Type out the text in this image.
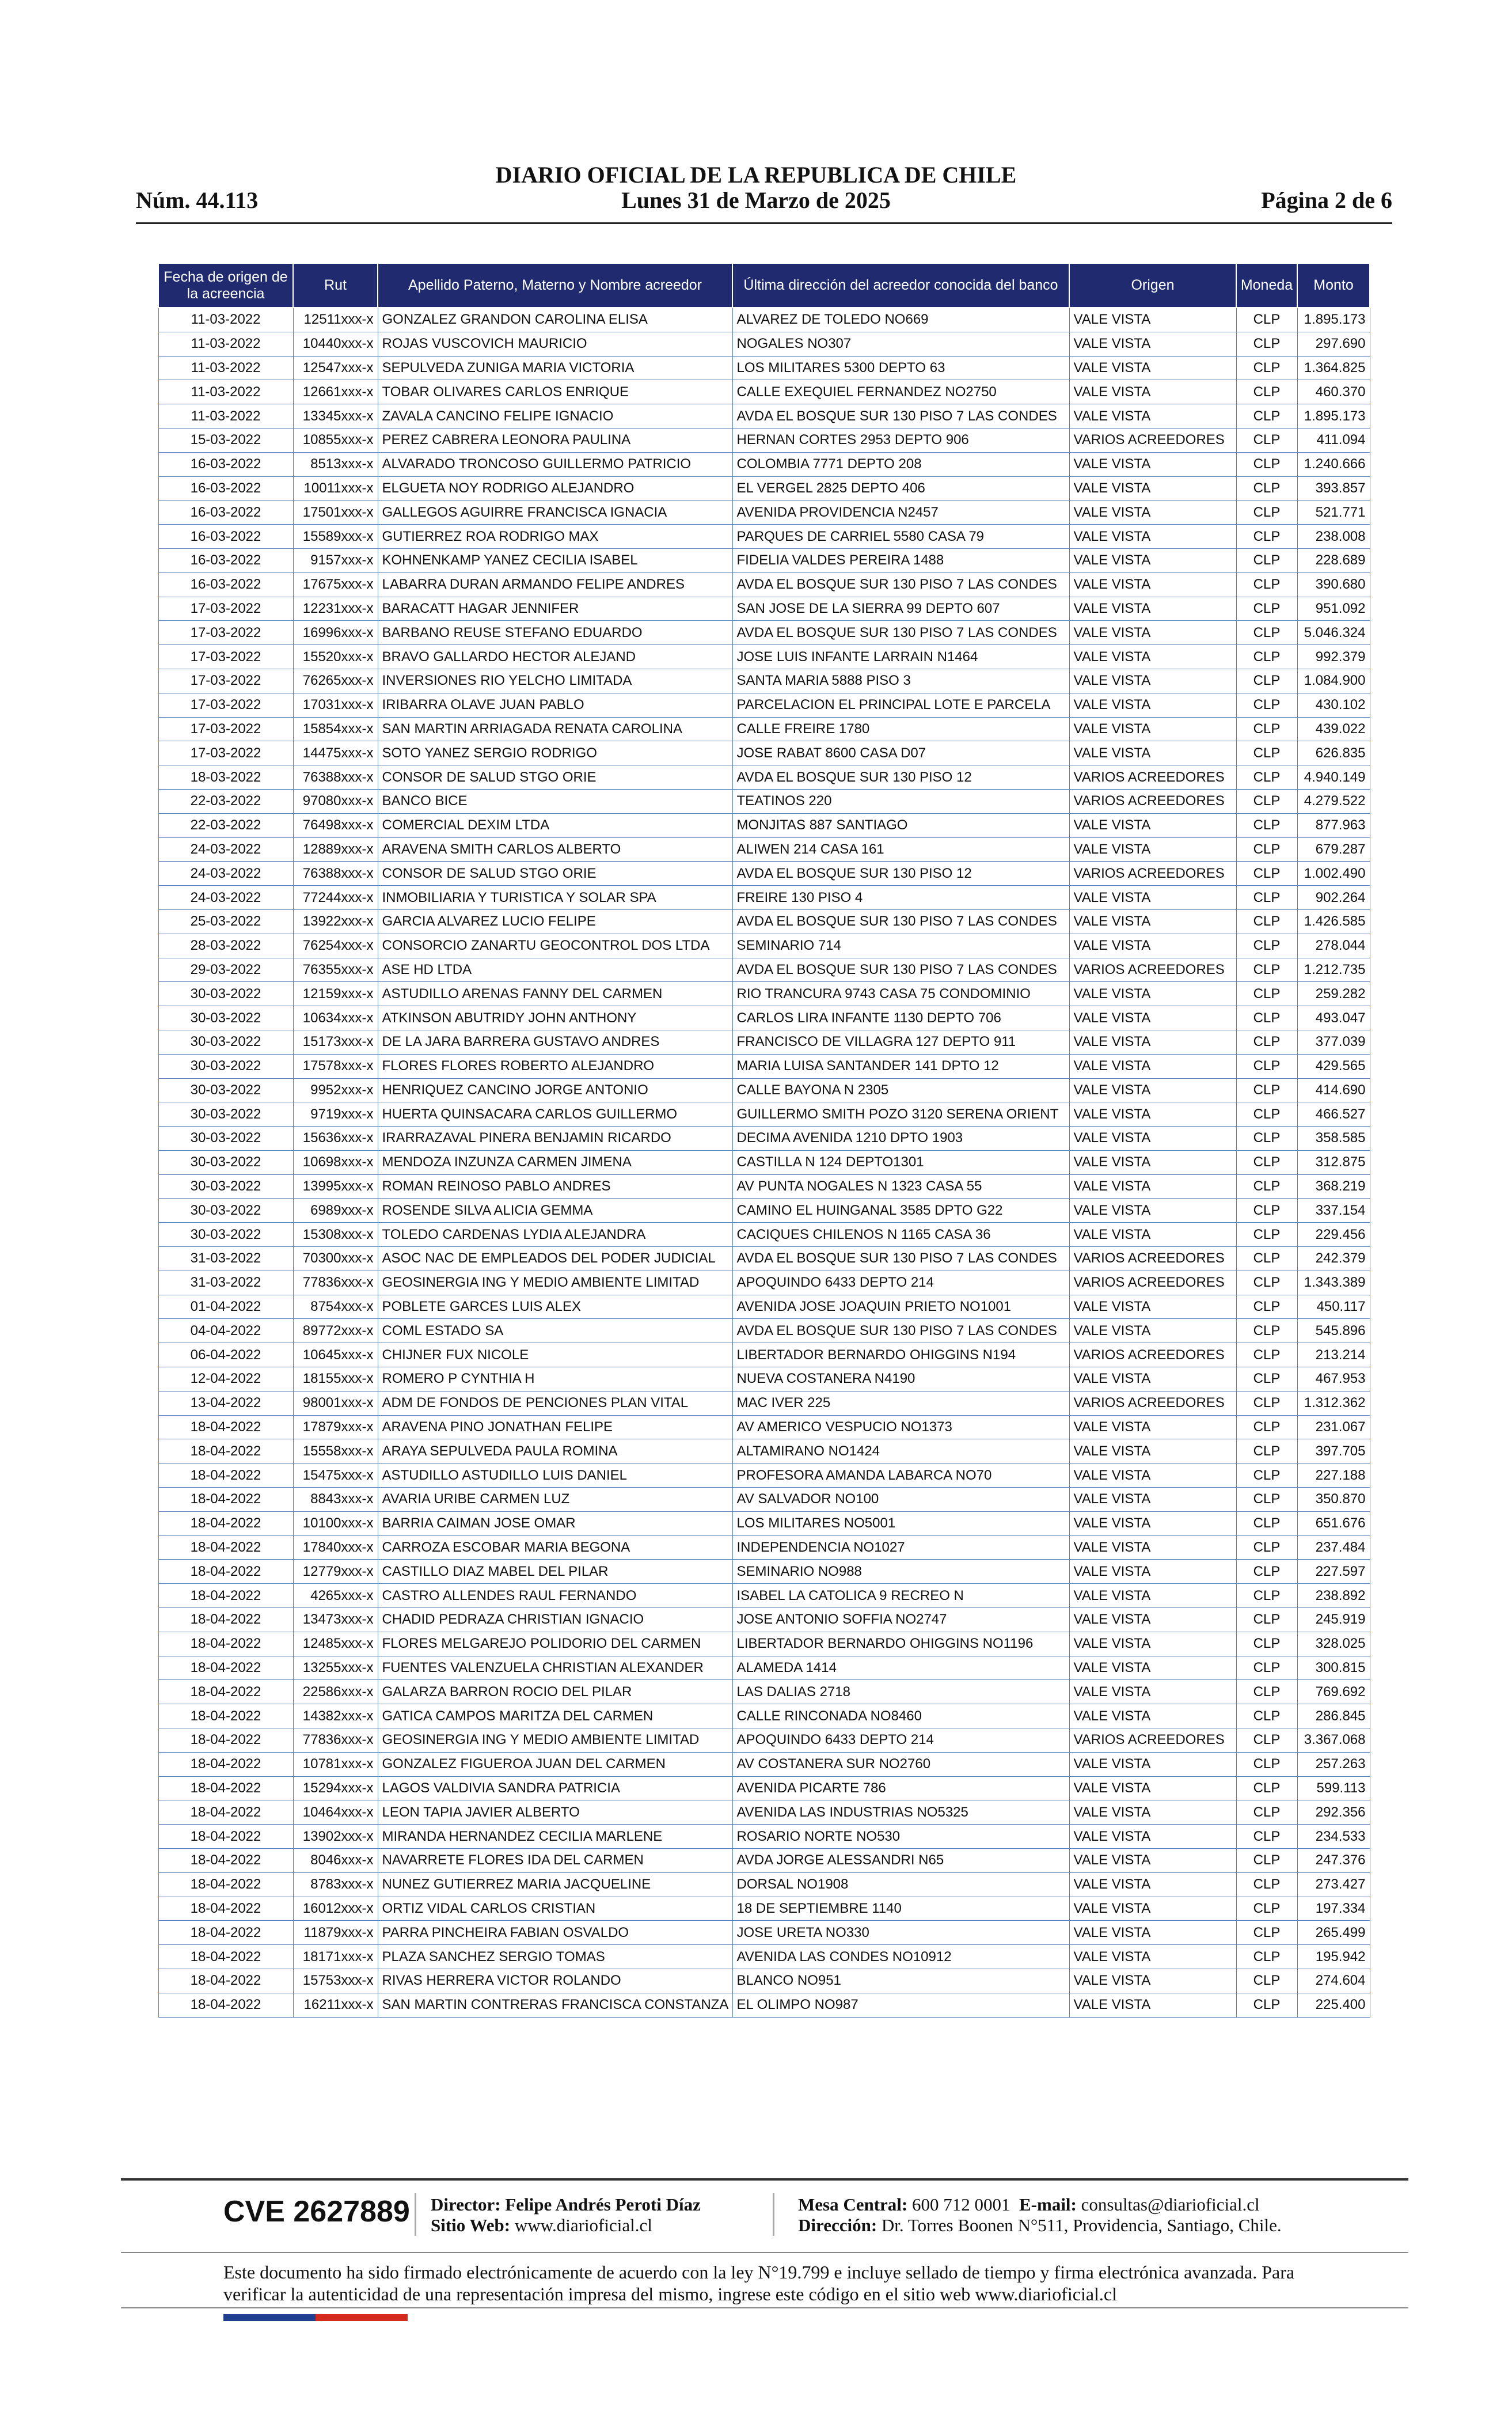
DIARIO OFICIAL DE LA REPUBLICA DE CHILE
Núm. 44.113	Lunes 31 de Marzo de 2025	Página 2 de 6
Fecha de origen de la acreencia	Rut	Apellido Paterno, Materno y Nombre acreedor	Última dirección del acreedor conocida del banco	Origen	Moneda	Monto
11-03-2022	12511xxx-x	GONZALEZ GRANDON CAROLINA ELISA	ALVAREZ DE TOLEDO NO669	VALE VISTA	CLP	1.895.173
11-03-2022	10440xxx-x	ROJAS VUSCOVICH MAURICIO	NOGALES NO307	VALE VISTA	CLP	297.690
11-03-2022	12547xxx-x	SEPULVEDA ZUNIGA MARIA VICTORIA	LOS MILITARES 5300 DEPTO 63	VALE VISTA	CLP	1.364.825
11-03-2022	12661xxx-x	TOBAR OLIVARES CARLOS ENRIQUE	CALLE EXEQUIEL FERNANDEZ NO2750	VALE VISTA	CLP	460.370
11-03-2022	13345xxx-x	ZAVALA CANCINO FELIPE IGNACIO	AVDA EL BOSQUE SUR 130 PISO 7 LAS CONDES	VALE VISTA	CLP	1.895.173
15-03-2022	10855xxx-x	PEREZ CABRERA LEONORA PAULINA	HERNAN CORTES 2953 DEPTO 906	VARIOS ACREEDORES	CLP	411.094
16-03-2022	8513xxx-x	ALVARADO TRONCOSO GUILLERMO PATRICIO	COLOMBIA 7771 DEPTO 208	VALE VISTA	CLP	1.240.666
16-03-2022	10011xxx-x	ELGUETA NOY RODRIGO ALEJANDRO	EL VERGEL 2825 DEPTO 406	VALE VISTA	CLP	393.857
16-03-2022	17501xxx-x	GALLEGOS AGUIRRE FRANCISCA IGNACIA	AVENIDA PROVIDENCIA N2457	VALE VISTA	CLP	521.771
16-03-2022	15589xxx-x	GUTIERREZ ROA RODRIGO MAX	PARQUES DE CARRIEL 5580 CASA 79	VALE VISTA	CLP	238.008
16-03-2022	9157xxx-x	KOHNENKAMP YANEZ CECILIA ISABEL	FIDELIA VALDES PEREIRA 1488	VALE VISTA	CLP	228.689
16-03-2022	17675xxx-x	LABARRA DURAN ARMANDO FELIPE ANDRES	AVDA EL BOSQUE SUR 130 PISO 7 LAS CONDES	VALE VISTA	CLP	390.680
17-03-2022	12231xxx-x	BARACATT HAGAR JENNIFER	SAN JOSE DE LA SIERRA 99 DEPTO 607	VALE VISTA	CLP	951.092
17-03-2022	16996xxx-x	BARBANO REUSE STEFANO EDUARDO	AVDA EL BOSQUE SUR 130 PISO 7 LAS CONDES	VALE VISTA	CLP	5.046.324
17-03-2022	15520xxx-x	BRAVO GALLARDO HECTOR ALEJAND	JOSE LUIS INFANTE LARRAIN N1464	VALE VISTA	CLP	992.379
17-03-2022	76265xxx-x	INVERSIONES RIO YELCHO LIMITADA	SANTA MARIA 5888 PISO 3	VALE VISTA	CLP	1.084.900
17-03-2022	17031xxx-x	IRIBARRA OLAVE JUAN PABLO	PARCELACION EL PRINCIPAL LOTE E PARCELA	VALE VISTA	CLP	430.102
17-03-2022	15854xxx-x	SAN MARTIN ARRIAGADA RENATA CAROLINA	CALLE FREIRE 1780	VALE VISTA	CLP	439.022
17-03-2022	14475xxx-x	SOTO YANEZ SERGIO RODRIGO	JOSE RABAT 8600 CASA D07	VALE VISTA	CLP	626.835
18-03-2022	76388xxx-x	CONSOR DE SALUD STGO ORIE	AVDA EL BOSQUE SUR 130 PISO 12	VARIOS ACREEDORES	CLP	4.940.149
22-03-2022	97080xxx-x	BANCO BICE	TEATINOS 220	VARIOS ACREEDORES	CLP	4.279.522
22-03-2022	76498xxx-x	COMERCIAL DEXIM LTDA	MONJITAS 887 SANTIAGO	VALE VISTA	CLP	877.963
24-03-2022	12889xxx-x	ARAVENA SMITH CARLOS ALBERTO	ALIWEN 214 CASA 161	VALE VISTA	CLP	679.287
24-03-2022	76388xxx-x	CONSOR DE SALUD STGO ORIE	AVDA EL BOSQUE SUR 130 PISO 12	VARIOS ACREEDORES	CLP	1.002.490
24-03-2022	77244xxx-x	INMOBILIARIA Y TURISTICA Y SOLAR SPA	FREIRE 130 PISO 4	VALE VISTA	CLP	902.264
25-03-2022	13922xxx-x	GARCIA ALVAREZ LUCIO FELIPE	AVDA EL BOSQUE SUR 130 PISO 7 LAS CONDES	VALE VISTA	CLP	1.426.585
28-03-2022	76254xxx-x	CONSORCIO ZANARTU GEOCONTROL DOS LTDA	SEMINARIO 714	VALE VISTA	CLP	278.044
29-03-2022	76355xxx-x	ASE HD LTDA	AVDA EL BOSQUE SUR 130 PISO 7 LAS CONDES	VARIOS ACREEDORES	CLP	1.212.735
30-03-2022	12159xxx-x	ASTUDILLO ARENAS FANNY DEL CARMEN	RIO TRANCURA 9743 CASA 75 CONDOMINIO	VALE VISTA	CLP	259.282
30-03-2022	10634xxx-x	ATKINSON ABUTRIDY JOHN ANTHONY	CARLOS LIRA INFANTE 1130 DEPTO 706	VALE VISTA	CLP	493.047
30-03-2022	15173xxx-x	DE LA JARA BARRERA GUSTAVO ANDRES	FRANCISCO DE VILLAGRA 127 DEPTO 911	VALE VISTA	CLP	377.039
30-03-2022	17578xxx-x	FLORES FLORES ROBERTO ALEJANDRO	MARIA LUISA SANTANDER 141 DPTO 12	VALE VISTA	CLP	429.565
30-03-2022	9952xxx-x	HENRIQUEZ CANCINO JORGE ANTONIO	CALLE BAYONA N 2305	VALE VISTA	CLP	414.690
30-03-2022	9719xxx-x	HUERTA QUINSACARA CARLOS GUILLERMO	GUILLERMO SMITH POZO 3120 SERENA ORIENT	VALE VISTA	CLP	466.527
30-03-2022	15636xxx-x	IRARRAZAVAL PINERA BENJAMIN RICARDO	DECIMA AVENIDA 1210 DPTO 1903	VALE VISTA	CLP	358.585
30-03-2022	10698xxx-x	MENDOZA INZUNZA CARMEN JIMENA	CASTILLA N 124 DEPTO1301	VALE VISTA	CLP	312.875
30-03-2022	13995xxx-x	ROMAN REINOSO PABLO ANDRES	AV PUNTA NOGALES N 1323 CASA 55	VALE VISTA	CLP	368.219
30-03-2022	6989xxx-x	ROSENDE SILVA ALICIA GEMMA	CAMINO EL HUINGANAL 3585 DPTO G22	VALE VISTA	CLP	337.154
30-03-2022	15308xxx-x	TOLEDO CARDENAS LYDIA ALEJANDRA	CACIQUES CHILENOS N 1165 CASA 36	VALE VISTA	CLP	229.456
31-03-2022	70300xxx-x	ASOC NAC DE EMPLEADOS DEL PODER JUDICIAL	AVDA EL BOSQUE SUR 130 PISO 7 LAS CONDES	VARIOS ACREEDORES	CLP	242.379
31-03-2022	77836xxx-x	GEOSINERGIA ING Y MEDIO AMBIENTE LIMITAD	APOQUINDO 6433 DEPTO 214	VARIOS ACREEDORES	CLP	1.343.389
01-04-2022	8754xxx-x	POBLETE GARCES LUIS ALEX	AVENIDA JOSE JOAQUIN PRIETO NO1001	VALE VISTA	CLP	450.117
04-04-2022	89772xxx-x	COML ESTADO SA	AVDA EL BOSQUE SUR 130 PISO 7 LAS CONDES	VALE VISTA	CLP	545.896
06-04-2022	10645xxx-x	CHIJNER FUX NICOLE	LIBERTADOR BERNARDO OHIGGINS N194	VARIOS ACREEDORES	CLP	213.214
12-04-2022	18155xxx-x	ROMERO P CYNTHIA H	NUEVA COSTANERA N4190	VALE VISTA	CLP	467.953
13-04-2022	98001xxx-x	ADM DE FONDOS DE PENCIONES PLAN VITAL	MAC IVER 225	VARIOS ACREEDORES	CLP	1.312.362
18-04-2022	17879xxx-x	ARAVENA PINO JONATHAN FELIPE	AV AMERICO VESPUCIO NO1373	VALE VISTA	CLP	231.067
18-04-2022	15558xxx-x	ARAYA SEPULVEDA PAULA ROMINA	ALTAMIRANO NO1424	VALE VISTA	CLP	397.705
18-04-2022	15475xxx-x	ASTUDILLO ASTUDILLO LUIS DANIEL	PROFESORA AMANDA LABARCA NO70	VALE VISTA	CLP	227.188
18-04-2022	8843xxx-x	AVARIA URIBE CARMEN LUZ	AV SALVADOR NO100	VALE VISTA	CLP	350.870
18-04-2022	10100xxx-x	BARRIA CAIMAN JOSE OMAR	LOS MILITARES NO5001	VALE VISTA	CLP	651.676
18-04-2022	17840xxx-x	CARROZA ESCOBAR MARIA BEGONA	INDEPENDENCIA NO1027	VALE VISTA	CLP	237.484
18-04-2022	12779xxx-x	CASTILLO DIAZ MABEL DEL PILAR	SEMINARIO NO988	VALE VISTA	CLP	227.597
18-04-2022	4265xxx-x	CASTRO ALLENDES RAUL FERNANDO	ISABEL LA CATOLICA 9 RECREO N	VALE VISTA	CLP	238.892
18-04-2022	13473xxx-x	CHADID PEDRAZA CHRISTIAN IGNACIO	JOSE ANTONIO SOFFIA NO2747	VALE VISTA	CLP	245.919
18-04-2022	12485xxx-x	FLORES MELGAREJO POLIDORIO DEL CARMEN	LIBERTADOR BERNARDO OHIGGINS NO1196	VALE VISTA	CLP	328.025
18-04-2022	13255xxx-x	FUENTES VALENZUELA CHRISTIAN ALEXANDER	ALAMEDA 1414	VALE VISTA	CLP	300.815
18-04-2022	22586xxx-x	GALARZA BARRON ROCIO DEL PILAR	LAS DALIAS 2718	VALE VISTA	CLP	769.692
18-04-2022	14382xxx-x	GATICA CAMPOS MARITZA DEL CARMEN	CALLE RINCONADA NO8460	VALE VISTA	CLP	286.845
18-04-2022	77836xxx-x	GEOSINERGIA ING Y MEDIO AMBIENTE LIMITAD	APOQUINDO 6433 DEPTO 214	VARIOS ACREEDORES	CLP	3.367.068
18-04-2022	10781xxx-x	GONZALEZ FIGUEROA JUAN DEL CARMEN	AV COSTANERA SUR NO2760	VALE VISTA	CLP	257.263
18-04-2022	15294xxx-x	LAGOS VALDIVIA SANDRA PATRICIA	AVENIDA PICARTE 786	VALE VISTA	CLP	599.113
18-04-2022	10464xxx-x	LEON TAPIA JAVIER ALBERTO	AVENIDA LAS INDUSTRIAS NO5325	VALE VISTA	CLP	292.356
18-04-2022	13902xxx-x	MIRANDA HERNANDEZ CECILIA MARLENE	ROSARIO NORTE NO530	VALE VISTA	CLP	234.533
18-04-2022	8046xxx-x	NAVARRETE FLORES IDA DEL CARMEN	AVDA JORGE ALESSANDRI N65	VALE VISTA	CLP	247.376
18-04-2022	8783xxx-x	NUNEZ GUTIERREZ MARIA JACQUELINE	DORSAL NO1908	VALE VISTA	CLP	273.427
18-04-2022	16012xxx-x	ORTIZ VIDAL CARLOS CRISTIAN	18 DE SEPTIEMBRE 1140	VALE VISTA	CLP	197.334
18-04-2022	11879xxx-x	PARRA PINCHEIRA FABIAN OSVALDO	JOSE URETA NO330	VALE VISTA	CLP	265.499
18-04-2022	18171xxx-x	PLAZA SANCHEZ SERGIO TOMAS	AVENIDA LAS CONDES NO10912	VALE VISTA	CLP	195.942
18-04-2022	15753xxx-x	RIVAS HERRERA VICTOR ROLANDO	BLANCO NO951	VALE VISTA	CLP	274.604
18-04-2022	16211xxx-x	SAN MARTIN CONTRERAS FRANCISCA CONSTANZA	EL OLIMPO NO987	VALE VISTA	CLP	225.400
CVE 2627889 Director: Felipe Andrés Peroti Díaz
Sitio Web: www.diarioficial.cl
Mesa Central: 600 712 0001 E-mail: consultas@diarioficial.cl
Dirección: Dr. Torres Boonen N°511, Providencia, Santiago, Chile.
Este documento ha sido firmado electrónicamente de acuerdo con la ley N°19.799 e incluye sellado de tiempo y firma electrónica avanzada. Para verificar la autenticidad de una representación impresa del mismo, ingrese este código en el sitio web www.diarioficial.cl
